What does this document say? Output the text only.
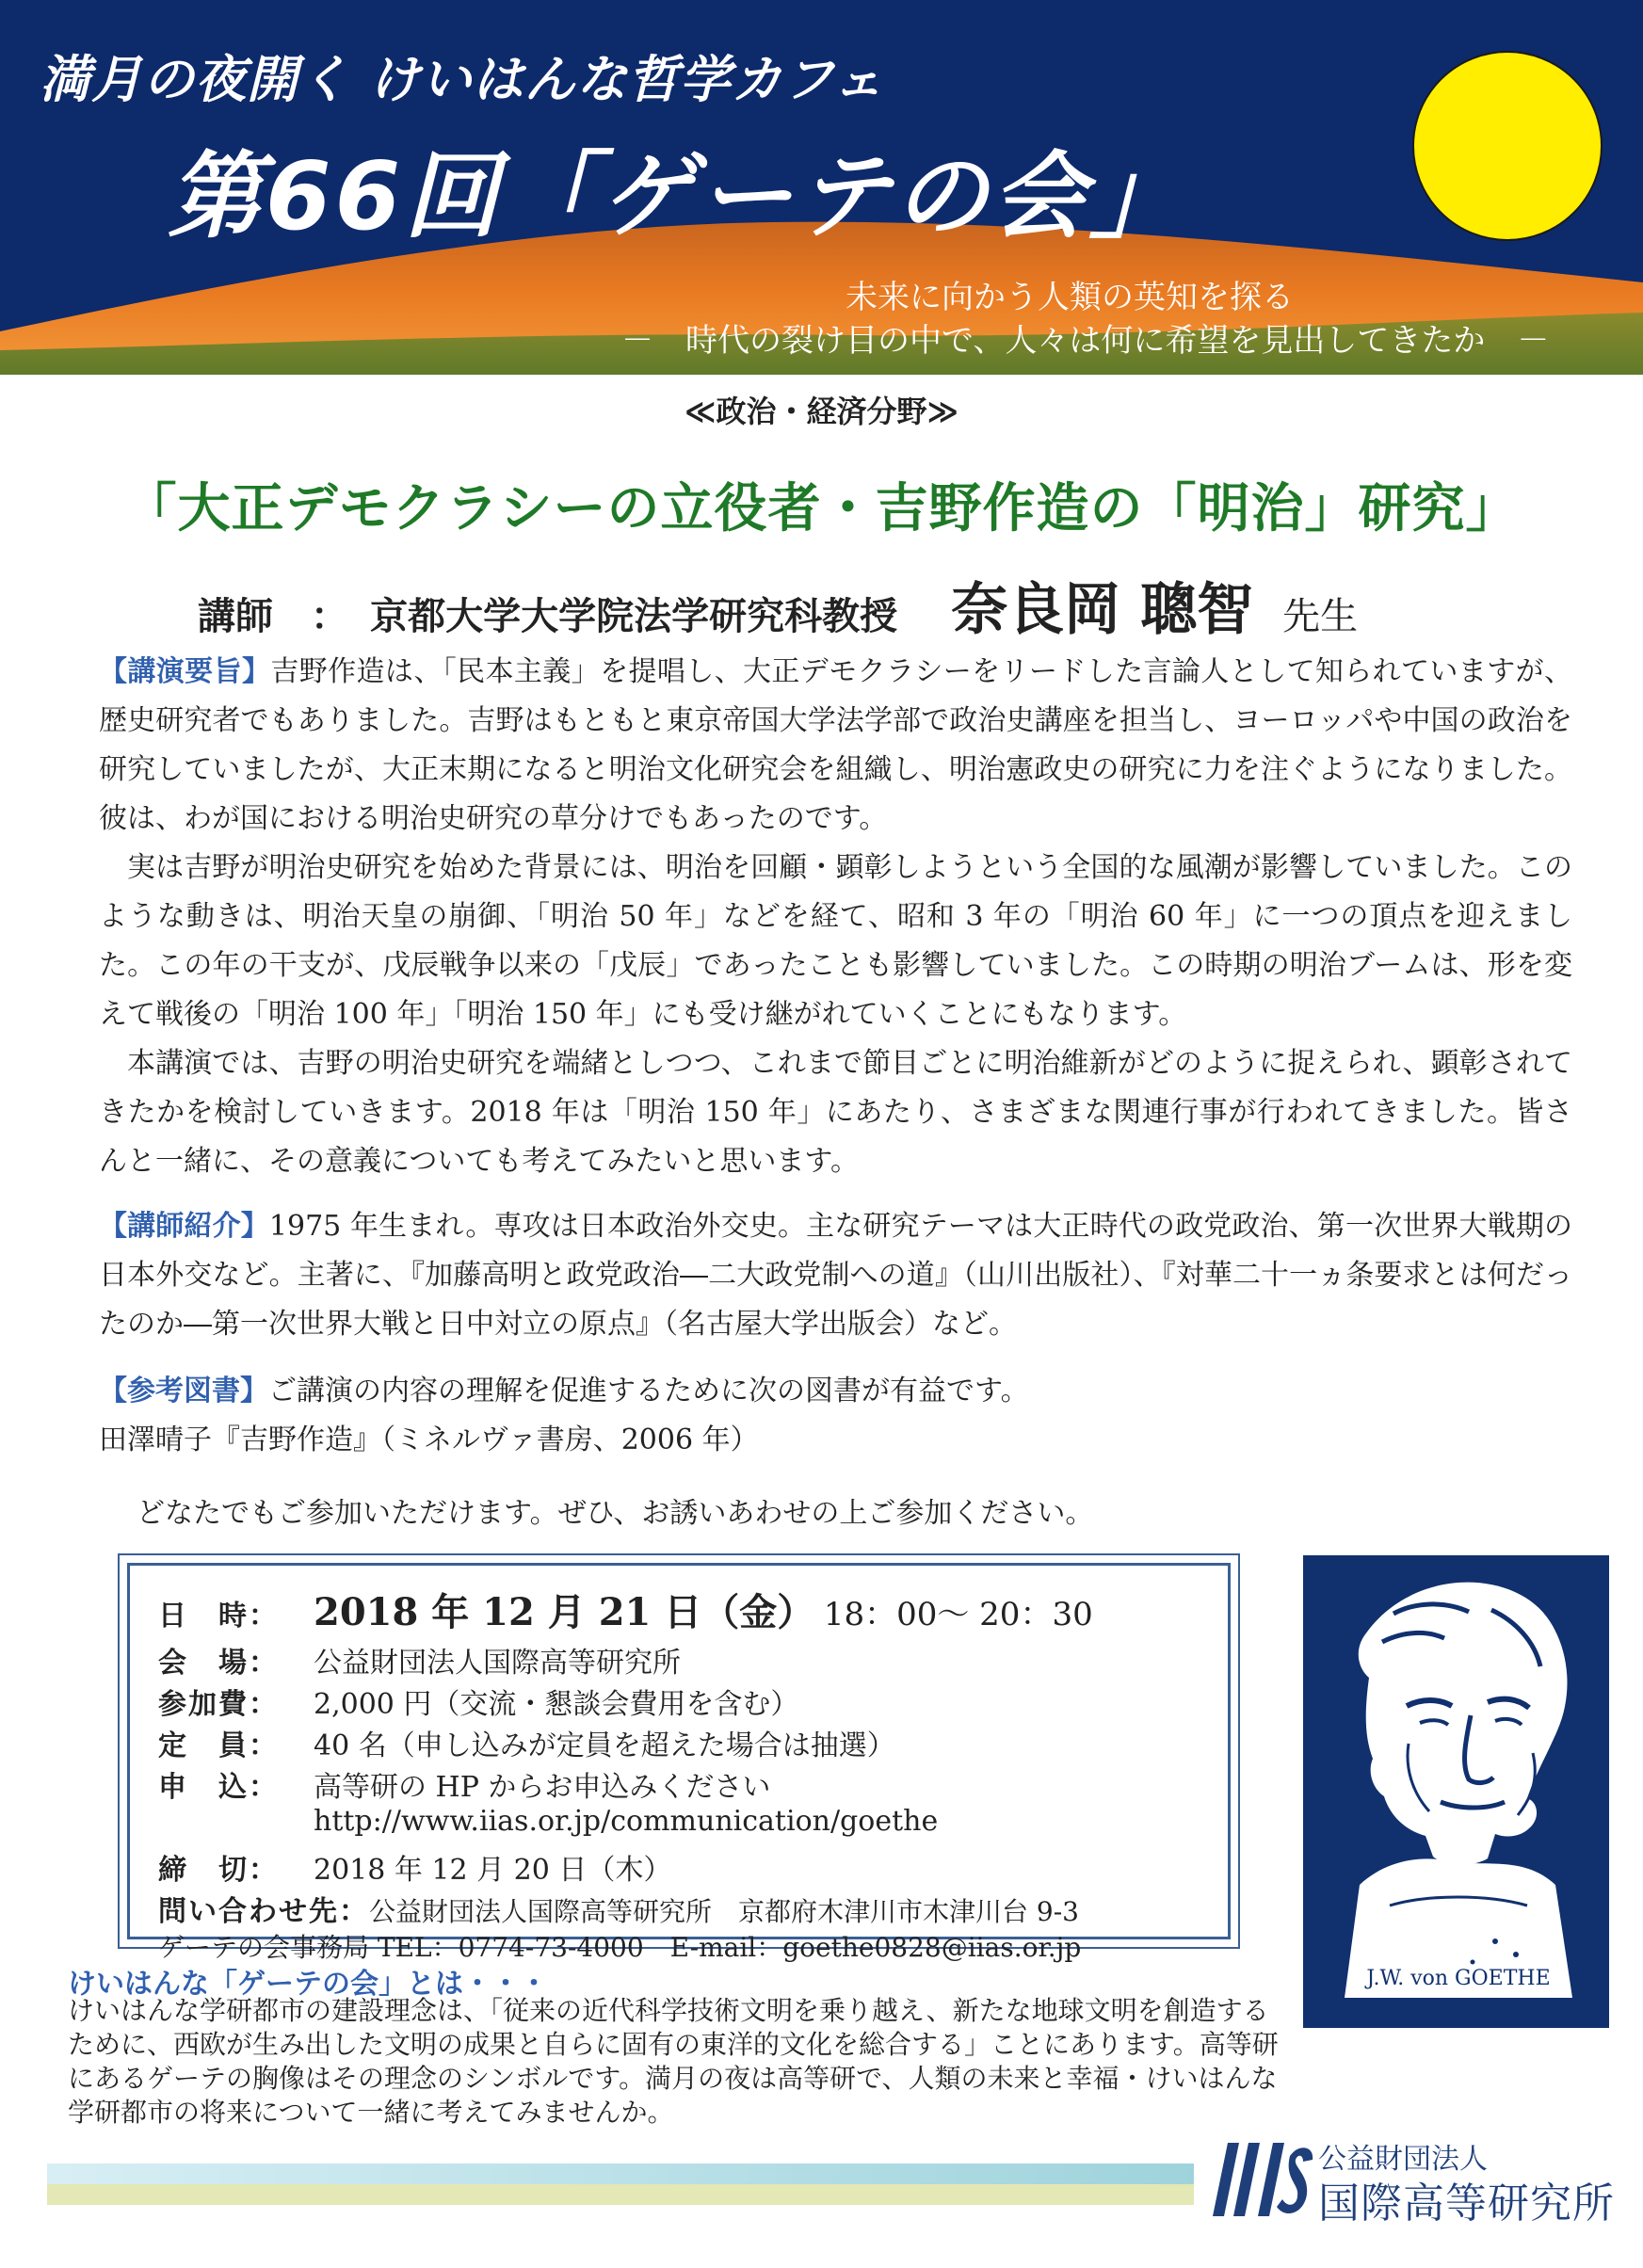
満月の夜開く けいはんな哲学カフェ
第66回「ゲーテの会」
未来に向かう人類の英知を探る
－　時代の裂け目の中で、人々は何に希望を見出してきたか　－
≪政治・経済分野≫
「大正デモクラシーの立役者・吉野作造の「明治」研究」
講師　： 京都大学大学院法学研究科教授 奈良岡 聰智 先生
【講演要旨】吉野作造は、「民本主義」を提唱し、大正デモクラシーをリードした言論人として知られていますが、歴史研究者でもありました。吉野はもともと東京帝国大学法学部で政治史講座を担当し、ヨーロッパや中国の政治を研究していましたが、大正末期になると明治文化研究会を組織し、明治憲政史の研究に力を注ぐようになりました。彼は、わが国における明治史研究の草分けでもあったのです。
実は吉野が明治史研究を始めた背景には、明治を回顧・顕彰しようという全国的な風潮が影響していました。このような動きは、明治天皇の崩御、「明治 50 年」などを経て、昭和 3 年の「明治 60 年」に一つの頂点を迎えました。この年の干支が、戊辰戦争以来の「戊辰」であったことも影響していました。この時期の明治ブームは、形を変えて戦後の「明治 100 年」「明治 150 年」にも受け継がれていくことにもなります。
本講演では、吉野の明治史研究を端緒としつつ、これまで節目ごとに明治維新がどのように捉えられ、顕彰されてきたかを検討していきます。2018 年は「明治 150 年」にあたり、さまざまな関連行事が行われてきました。皆さんと一緒に、その意義についても考えてみたいと思います。
【講師紹介】1975 年生まれ。専攻は日本政治外交史。主な研究テーマは大正時代の政党政治、第一次世界大戦期の日本外交など。主著に、『加藤高明と政党政治―二大政党制への道』（山川出版社）、『対華二十一ヵ条要求とは何だったのか―第一次世界大戦と日中対立の原点』（名古屋大学出版会）など。
【参考図書】ご講演の内容の理解を促進するために次の図書が有益です。
田澤晴子『吉野作造』（ミネルヴァ書房、2006 年）
どなたでもご参加いただけます。ぜひ、お誘いあわせの上ご参加ください。
日　時： 2018 年 12 月 21 日（金） 18：00～ 20：30
会　場： 公益財団法人国際高等研究所
参加費： 2,000 円（交流・懇談会費用を含む）
定　員： 40 名（申し込みが定員を超えた場合は抽選）
申　込： 高等研の HP からお申込みください
http://www.iias.or.jp/communication/goethe
締　切： 2018 年 12 月 20 日（木）
問い合わせ先：公益財団法人国際高等研究所　京都府木津川市木津川台 9-3
ゲーテの会事務局 TEL：0774-73-4000　E-mail：goethe0828@iias.or.jp
J.W. von GOETHE
けいはんな「ゲーテの会」とは・・・

けいはんな学研都市の建設理念は、「従来の近代科学技術文明を乗り越え、新たな地球文明を創造するために、西欧が生み出した文明の成果と自らに固有の東洋的文化を総合する」ことにあります。高等研にあるゲーテの胸像はその理念のシンボルです。満月の夜は高等研で、人類の未来と幸福・けいはんな学研都市の将来について一緒に考えてみませんか。

IIAS
公益財団法人
国際高等研究所
